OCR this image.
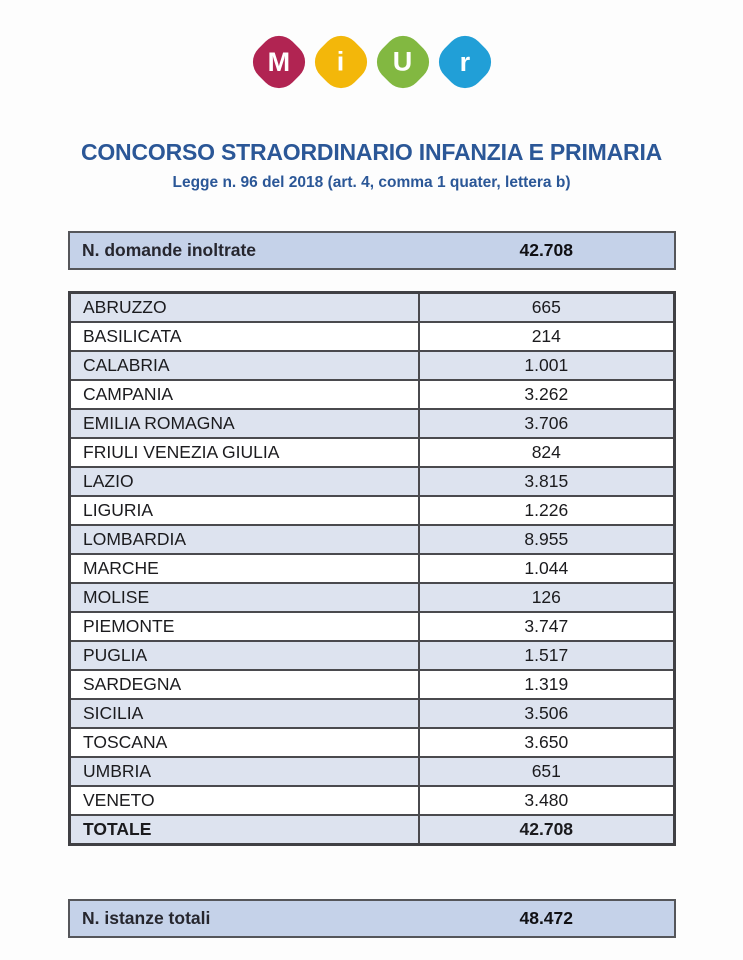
M i U r
CONCORSO STRAORDINARIO INFANZIA E PRIMARIA
Legge n. 96 del 2018 (art. 4, comma 1 quater, lettera b)
N. domande inoltrate	42.708
ABRUZZO	665
BASILICATA	214
CALABRIA	1.001
CAMPANIA	3.262
EMILIA ROMAGNA	3.706
FRIULI VENEZIA GIULIA	824
LAZIO	3.815
LIGURIA	1.226
LOMBARDIA	8.955
MARCHE	1.044
MOLISE	126
PIEMONTE	3.747
PUGLIA	1.517
SARDEGNA	1.319
SICILIA	3.506
TOSCANA	3.650
UMBRIA	651
VENETO	3.480
TOTALE	42.708
N. istanze totali	48.472
